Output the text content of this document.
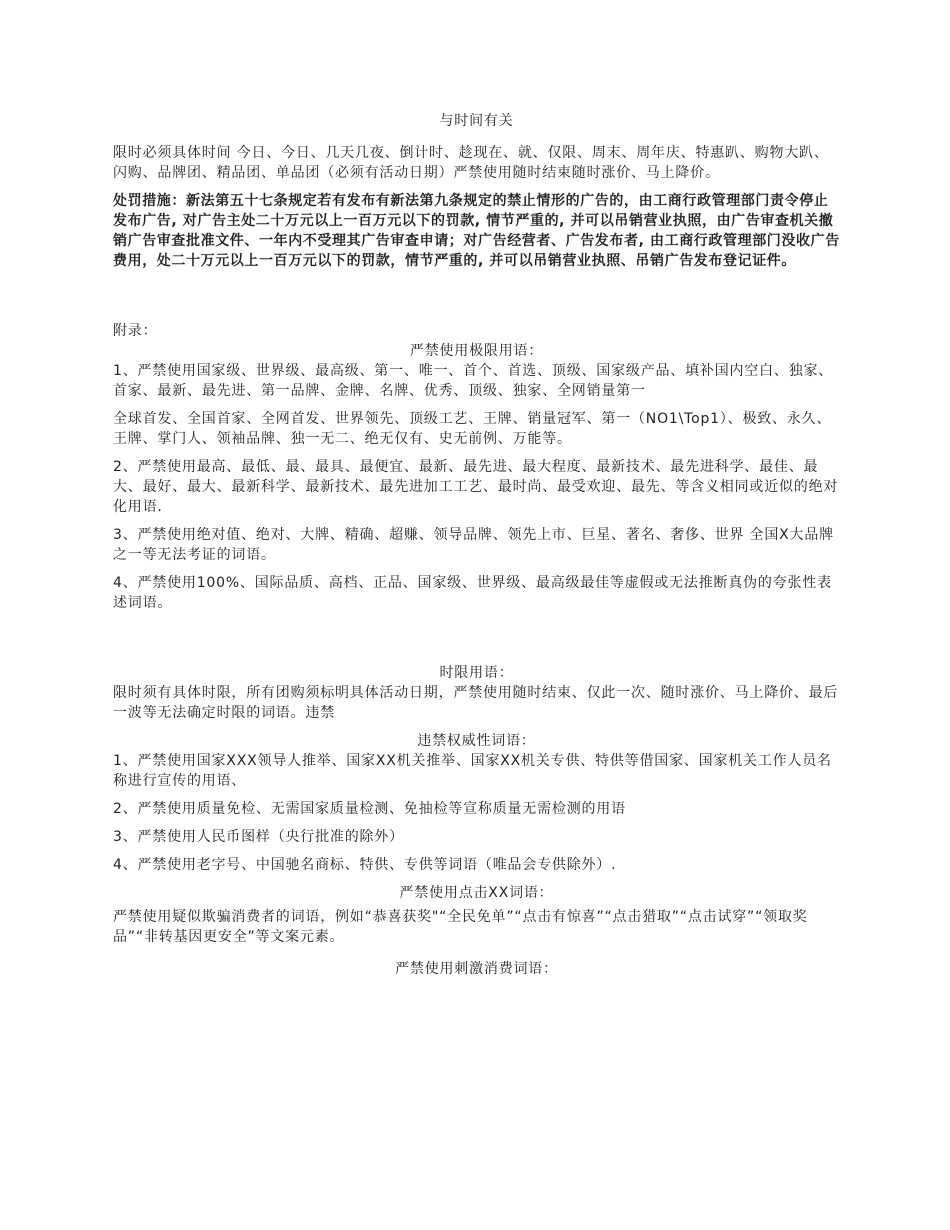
与时间有关

限时必须具体时间 今日、今日、几天几夜、倒计时、趁现在、就、仅限、周末、周年庆、特惠趴、购物大趴、闪购、品牌团、精品团、单品团（必须有活动日期）严禁使用随时结束随时涨价、马上降价。

处罚措施：新法第五十七条规定若有发布有新法第九条规定的禁止情形的广告的，由工商行政管理部门责令停止发布广告, 对广告主处二十万元以上一百万元以下的罚款, 情节严重的, 并可以吊销营业执照，由广告审查机关撤销广告审查批准文件、一年内不受理其广告审查申请；对广告经营者、广告发布者, 由工商行政管理部门没收广告费用，处二十万元以上一百万元以下的罚款，情节严重的, 并可以吊销营业执照、吊销广告发布登记证件。

附录：

严禁使用极限用语：

1、严禁使用国家级、世界级、最高级、第一、唯一、首个、首选、顶级、国家级产品、填补国内空白、独家、首家、最新、最先进、第一品牌、金牌、名牌、优秀、顶级、独家、全网销量第一

全球首发、全国首家、全网首发、世界领先、顶级工艺、王牌、销量冠军、第一（NO1\Top1）、极致、永久、王牌、掌门人、领袖品牌、独一无二、绝无仅有、史无前例、万能等。

2、严禁使用最高、最低、最、最具、最便宜、最新、最先进、最大程度、最新技术、最先进科学、最佳、最大、最好、最大、最新科学、最新技术、最先进加工工艺、最时尚、最受欢迎、最先、等含义相同或近似的绝对化用语.

3、严禁使用绝对值、绝对、大牌、精确、超赚、领导品牌、领先上市、巨星、著名、奢侈、世界 全国X大品牌之一等无法考证的词语。

4、严禁使用100%、国际品质、高档、正品、国家级、世界级、最高级最佳等虚假或无法推断真伪的夸张性表述词语。

时限用语：

限时须有具体时限，所有团购须标明具体活动日期，严禁使用随时结束、仅此一次、随时涨价、马上降价、最后一波等无法确定时限的词语。违禁

违禁权威性词语：

1、严禁使用国家XXX领导人推举、国家XX机关推举、国家XX机关专供、特供等借国家、国家机关工作人员名称进行宣传的用语、

2、严禁使用质量免检、无需国家质量检测、免抽检等宣称质量无需检测的用语

3、严禁使用人民币图样（央行批准的除外）

4、严禁使用老字号、中国驰名商标、特供、专供等词语（唯品会专供除外）.

严禁使用点击XX词语：

严禁使用疑似欺骗消费者的词语，例如“恭喜获奖"“全民免单”“点击有惊喜”“点击猎取”“点击试穿”“领取奖品”“非转基因更安全”等文案元素。

严禁使用刺激消费词语：
